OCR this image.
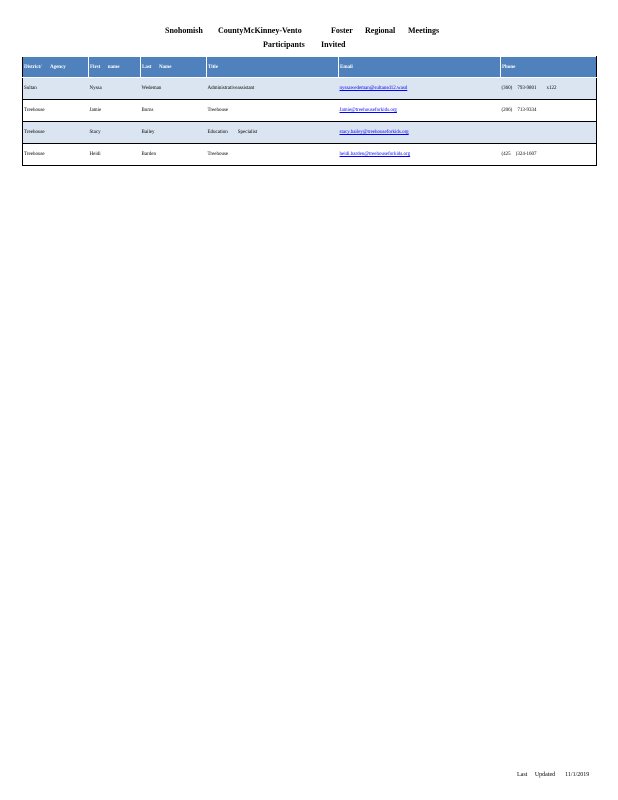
Snohomish CountyMcKinney-Vento	Foster Regional Meetings
Participants Invited
District/       Agency	First      name	Last      Name	Title	Email	Phone
Sultan	Nyssa	Wedeman	Administrativeassistant	nyssawedeman@sultansd12.wasd	(360)    793-9801        x122
Treehouse	Jamie	Burns	Treehouse	Jamie@treehouseforkids.org	(206)    713-9334
Treehouse	Stacy	Bailey	Education        Specialist	stacy.bailey@treehouseforkids.org	
Treehouse	Heidi	Barden	Treehouse	heidi.barden@treehouseforkids.org	(425    )324-1607

Last     Updated 11/1/2019
